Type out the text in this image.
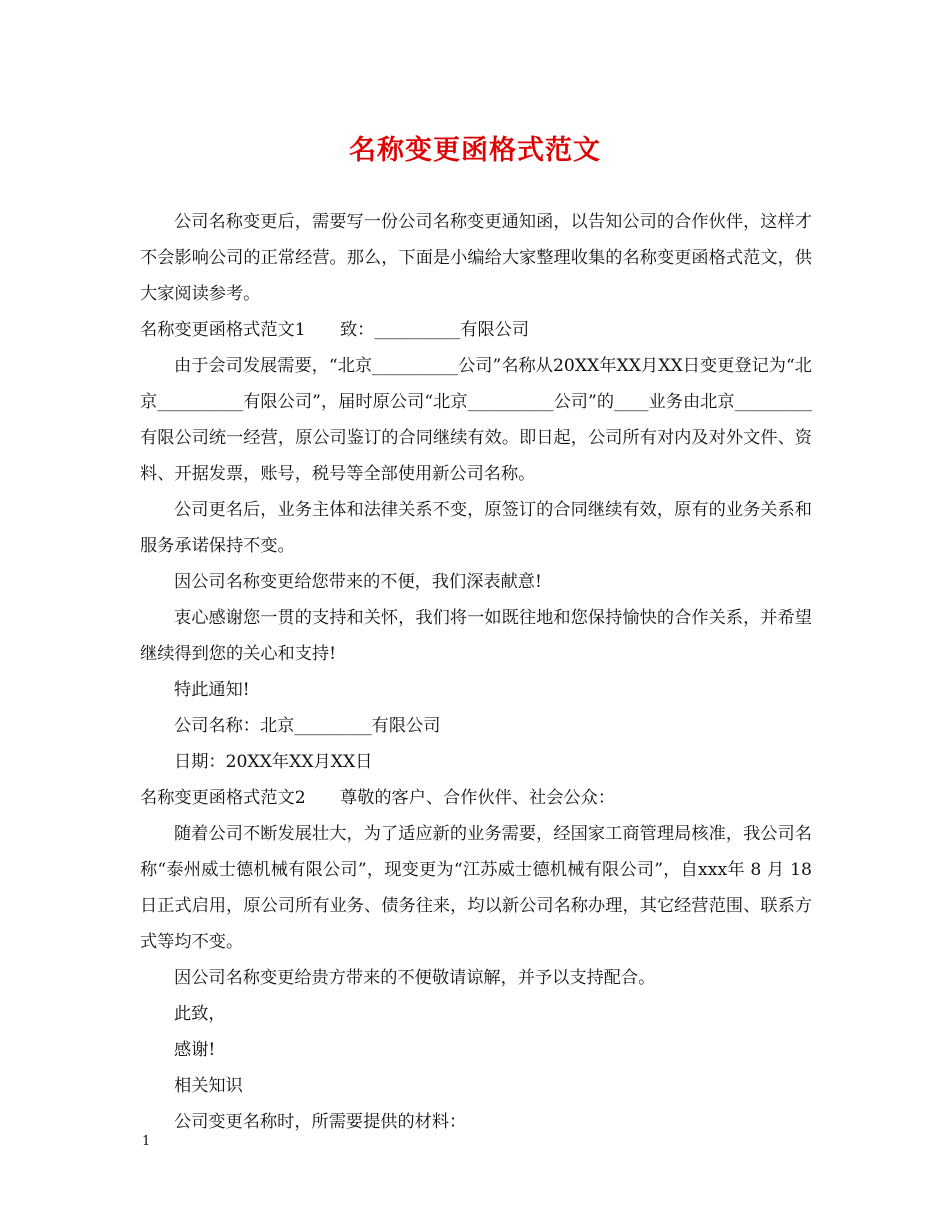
名称变更函格式范文

公司名称变更后，需要写一份公司名称变更通知函，以告知公司的合作伙伴，这样才不会影响公司的正常经营。那么，下面是小编给大家整理收集的名称变更函格式范文，供大家阅读参考。

名称变更函格式范文1　　致：__________有限公司

由于会司发展需要，“北京__________公司”名称从20XX年XX月XX日变更登记为“北京__________有限公司”，届时原公司“北京__________公司”的____业务由北京_________有限公司统一经营，原公司鉴订的合同继续有效。即日起，公司所有对内及对外文件、资料、开据发票，账号，税号等全部使用新公司名称。

公司更名后，业务主体和法律关系不变，原签订的合同继续有效，原有的业务关系和服务承诺保持不变。

因公司名称变更给您带来的不便，我们深表献意!

衷心感谢您一贯的支持和关怀，我们将一如既往地和您保持愉快的合作关系，并希望继续得到您的关心和支持!

特此通知!

公司名称：北京_________有限公司

日期：20XX年XX月XX日

名称变更函格式范文2　　尊敬的客户、合作伙伴、社会公众：

随着公司不断发展壮大，为了适应新的业务需要，经国家工商管理局核准，我公司名称“泰州威士德机械有限公司”，现变更为“江苏威士德机械有限公司”，自xxx年 8 月 18 日正式启用，原公司所有业务、债务往来，均以新公司名称办理，其它经营范围、联系方式等均不变。

因公司名称变更给贵方带来的不便敬请谅解，并予以支持配合。

此致，

感谢!

相关知识

公司变更名称时，所需要提供的材料：

1
